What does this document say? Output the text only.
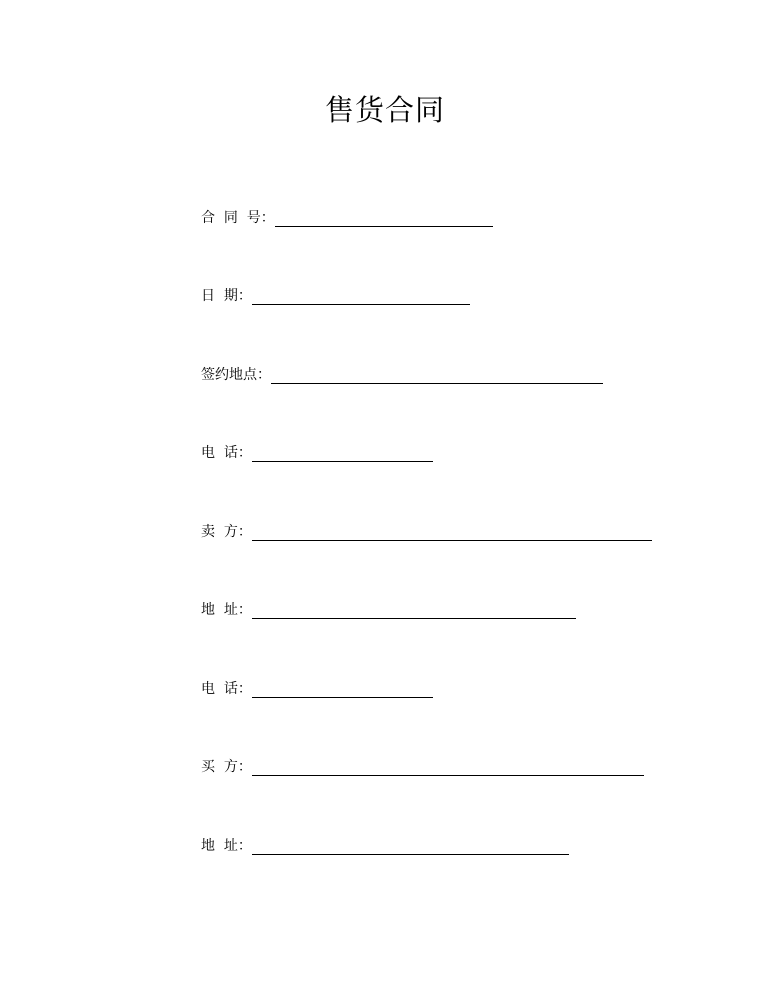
售货合同
合  同  号：
日  期：
签约地点：
电  话：
卖  方：
地  址：
电  话：
买  方：
地  址：
